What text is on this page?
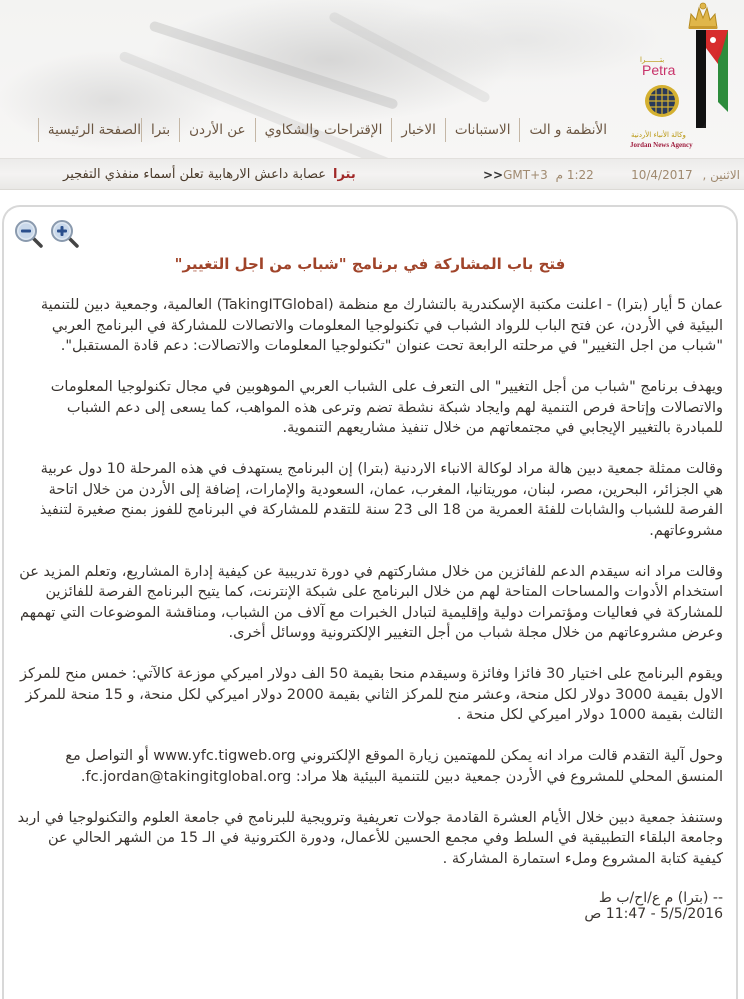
بتـــــــرا
Petra
وكالة الأنباء الأردنية
Jordan News Agency
الصفحة الرئيسية بترا	عن الأردن	الإقتراحات والشكاوي	الاخبار	الاستبانات	الأنظمة و الت
الاثنين , 10/4/2017
>>GMT+3 1:22 م
بترا
عصابة داعش الارهابية تعلن أسماء منفذي التفجير
فتح باب المشاركة في برنامج "شباب من اجل التغيير"

عمان 5 أيار (بترا) - اعلنت مكتبة الإسكندرية بالتشارك مع منظمة (TakingITGlobal) العالمية، وجمعية دبين للتنمية البيئية في الأردن، عن فتح الباب للرواد الشباب في تكنولوجيا المعلومات والاتصالات للمشاركة في البرنامج العربي "شباب من اجل التغيير" في مرحلته الرابعة تحت عنوان "تكنولوجيا المعلومات والاتصالات: دعم قادة المستقبل".

ويهدف برنامج "شباب من أجل التغيير" الى التعرف على الشباب العربي الموهوبين في مجال تكنولوجيا المعلومات والاتصالات وإتاحة فرص التنمية لهم وايجاد شبكة نشطة تضم وترعى هذه المواهب، كما يسعى إلى دعم الشباب للمبادرة بالتغيير الإيجابي في مجتمعاتهم من خلال تنفيذ مشاريعهم التنموية.

وقالت ممثلة جمعية دبين هالة مراد لوكالة الانباء الاردنية (بترا) إن البرنامج يستهدف في هذه المرحلة 10 دول عربية هي الجزائر، البحرين، مصر، لبنان، موريتانيا، المغرب، عمان، السعودية والإمارات، إضافة إلى الأردن من خلال اتاحة الفرصة للشباب والشابات للفئة العمرية من 18 الى 23 سنة للتقدم للمشاركة في البرنامج للفوز بمنح صغيرة لتنفيذ مشروعاتهم.

وقالت مراد انه سيقدم الدعم للفائزين من خلال مشاركتهم في دورة تدريبية عن كيفية إدارة المشاريع، وتعلم المزيد عن استخدام الأدوات والمساحات المتاحة لهم من خلال البرنامج على شبكة الإنترنت، كما يتيح البرنامج الفرصة للفائزين للمشاركة في فعاليات ومؤتمرات دولية وإقليمية لتبادل الخبرات مع آلاف من الشباب، ومناقشة الموضوعات التي تهمهم وعرض مشروعاتهم من خلال مجلة شباب من أجل التغيير الإلكترونية ووسائل أخرى.

ويقوم البرنامج على اختيار 30 فائزا وفائزة وسيقدم منحا بقيمة 50 الف دولار اميركي موزعة كالآتي: خمس منح للمركز الاول بقيمة 3000 دولار لكل منحة، وعشر منح للمركز الثاني بقيمة 2000 دولار اميركي لكل منحة، و 15 منحة للمركز الثالث بقيمة 1000 دولار اميركي لكل منحة .

وحول آلية التقدم قالت مراد انه يمكن للمهتمين زيارة الموقع الإلكتروني www.yfc.tigweb.org أو التواصل مع المنسق المحلي للمشروع في الأردن جمعية دبين للتنمية البيئية هلا مراد: fc.jordan@takingitglobal.org.

وستنفذ جمعية دبين خلال الأيام العشرة القادمة جولات تعريفية وترويجية للبرنامج في جامعة العلوم والتكنولوجيا في اربد وجامعة البلقاء التطبيقية في السلط وفي مجمع الحسين للأعمال، ودورة الكترونية في الـ 15 من الشهر الحالي عن كيفية كتابة المشروع وملء استمارة المشاركة .

-- (بترا) م ع/اح/ب ط
5/5/2016 - 11:47 ص
